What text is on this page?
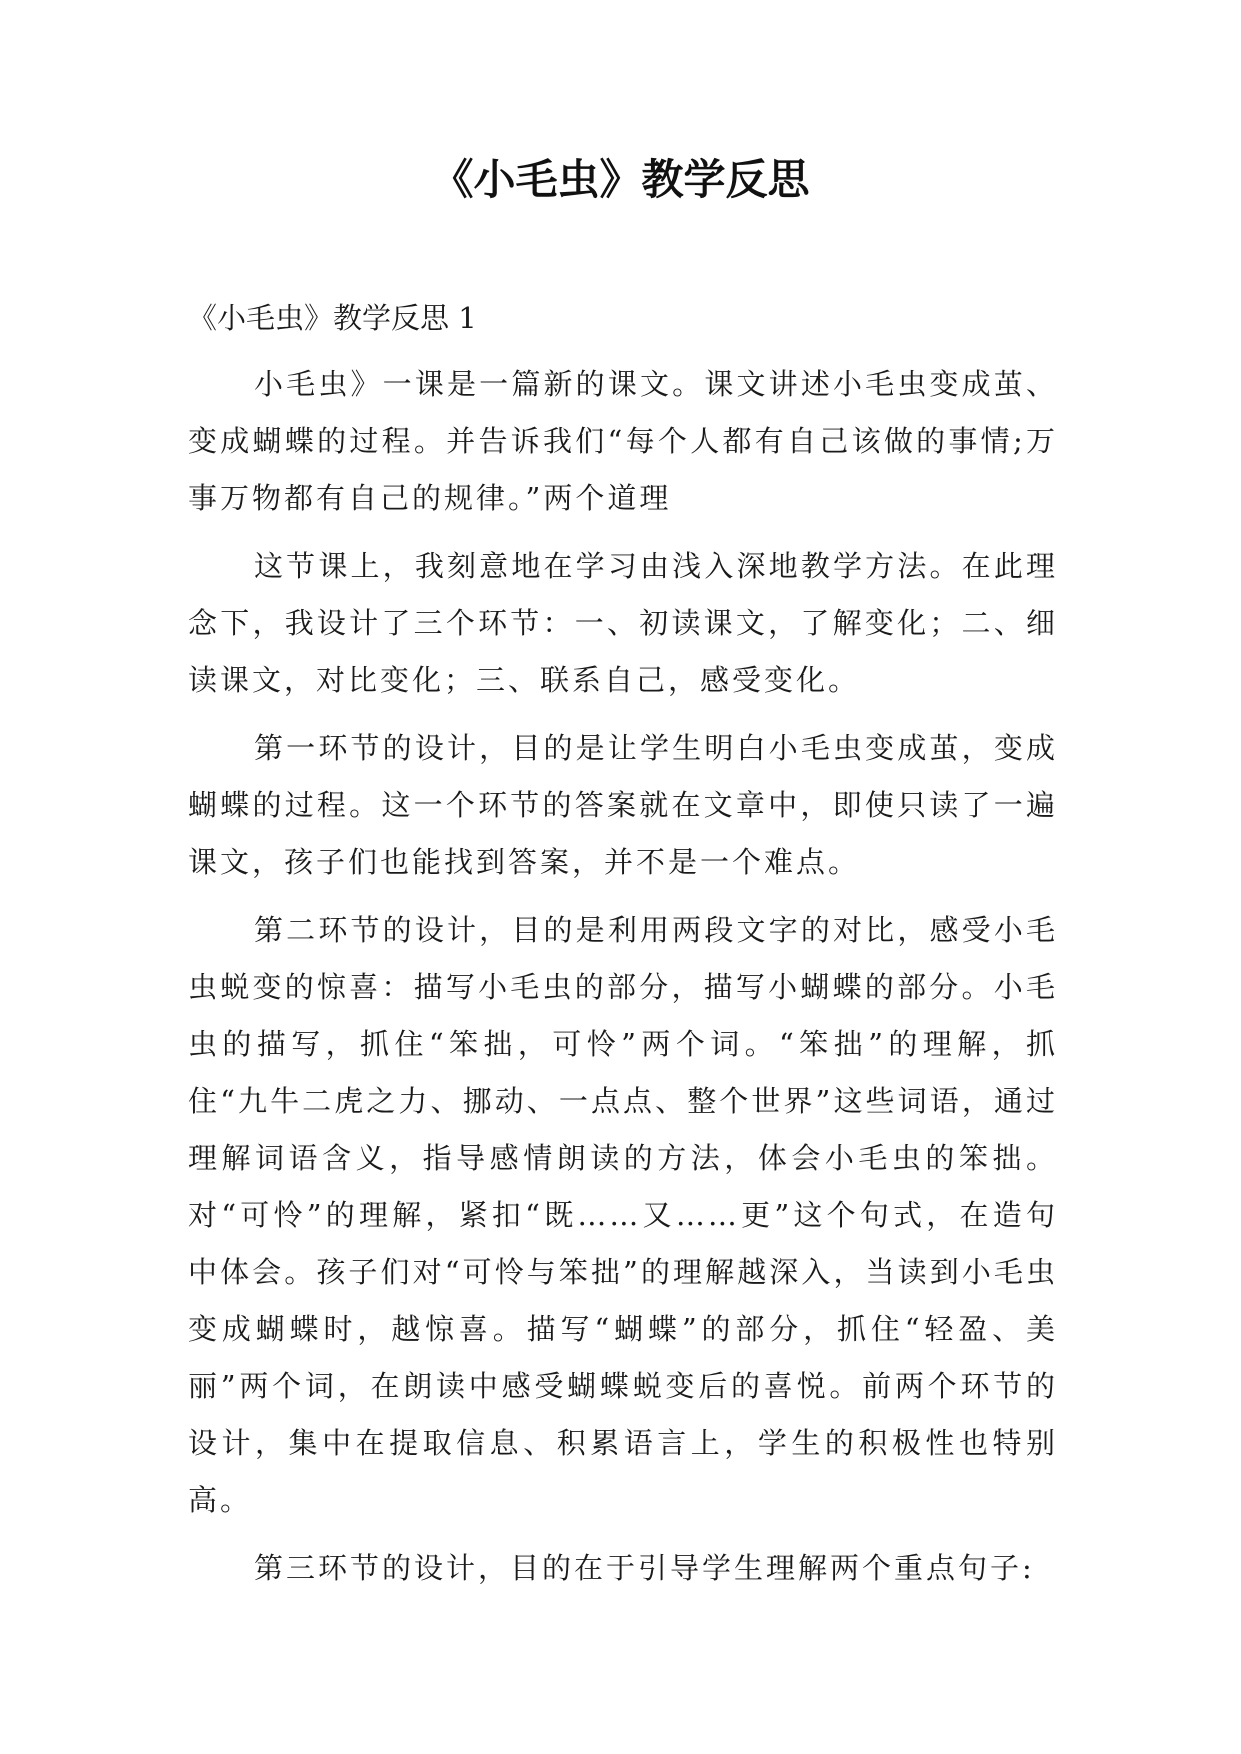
《小毛虫》教学反思
《小毛虫》教学反思 1

小毛虫》一课是一篇新的课文。课文讲述小毛虫变成茧、变成蝴蝶的过程。并告诉我们“每个人都有自己该做的事情;万事万物都有自己的规律。”两个道理

这节课上，我刻意地在学习由浅入深地教学方法。在此理念下，我设计了三个环节：一、初读课文，了解变化；二、细读课文，对比变化；三、联系自己，感受变化。

第一环节的设计，目的是让学生明白小毛虫变成茧，变成蝴蝶的过程。这一个环节的答案就在文章中，即使只读了一遍课文，孩子们也能找到答案，并不是一个难点。

第二环节的设计，目的是利用两段文字的对比，感受小毛虫蜕变的惊喜：描写小毛虫的部分，描写小蝴蝶的部分。小毛虫的描写，抓住“笨拙，可怜”两个词。“笨拙”的理解，抓住“九牛二虎之力、挪动、一点点、整个世界”这些词语，通过理解词语含义，指导感情朗读的方法，体会小毛虫的笨拙。对“可怜”的理解，紧扣“既……又……更”这个句式，在造句中体会。孩子们对“可怜与笨拙”的理解越深入，当读到小毛虫变成蝴蝶时，越惊喜。描写“蝴蝶”的部分，抓住“轻盈、美丽”两个词，在朗读中感受蝴蝶蜕变后的喜悦。前两个环节的设计，集中在提取信息、积累语言上，学生的积极性也特别高。

第三环节的设计，目的在于引导学生理解两个重点句子:
